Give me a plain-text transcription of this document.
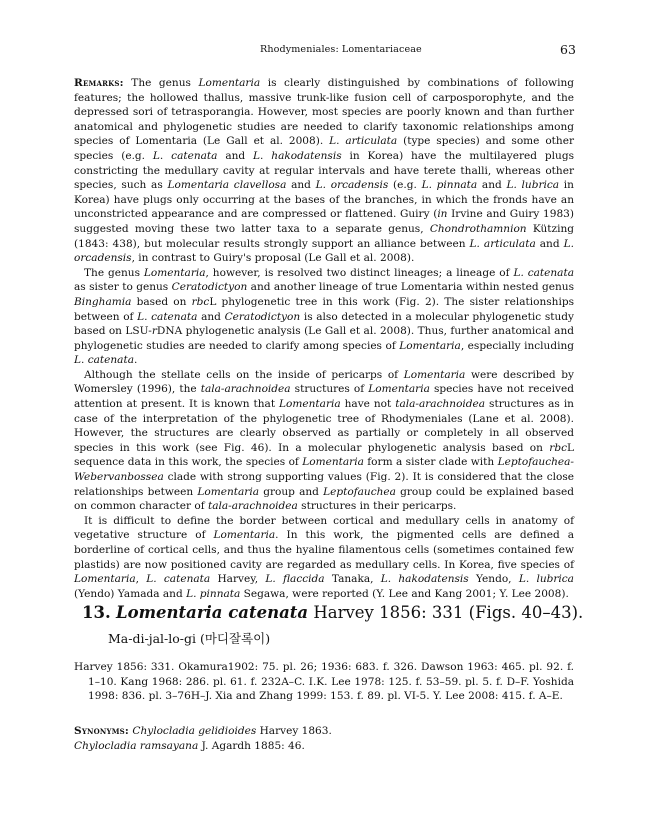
Rhodymeniales: Lomentariaceae	63

Remarks: The genus Lomentaria is clearly distinguished by combinations of following features; the hollowed thallus, massive trunk-like fusion cell of carposporophyte, and the depressed sori of tetrasporangia. However, most species are poorly known and than further anatomical and phylogenetic studies are needed to clarify taxonomic relationships among species of Lomentaria (Le Gall et al. 2008). L. articulata (type species) and some other species (e.g. L. catenata and L. hakodatensis in Korea) have the multilayered plugs constricting the medullary cavity at regular intervals and have terete thalli, whereas other species, such as Lomentaria clavellosa and L. orcadensis (e.g. L. pinnata and L. lubrica in Korea) have plugs only occurring at the bases of the branches, in which the fronds have an unconstricted appearance and are compressed or flattened. Guiry (in Irvine and Guiry 1983) suggested moving these two latter taxa to a separate genus, Chondrothamnion Kützing (1843: 438), but molecular results strongly support an alliance between L. articulata and L. orcadensis, in contrast to Guiry's proposal (Le Gall et al. 2008).

The genus Lomentaria, however, is resolved two distinct lineages; a lineage of L. catenata as sister to genus Ceratodictyon and another lineage of true Lomentaria within nested genus Binghamia based on rbcL phylogenetic tree in this work (Fig. 2). The sister relationships between of L. catenata and Ceratodictyon is also detected in a molecular phylogenetic study based on LSU-rDNA phylogenetic analysis (Le Gall et al. 2008). Thus, further anatomical and phylogenetic studies are needed to clarify among species of Lomentaria, especially including L. catenata.

Although the stellate cells on the inside of pericarps of Lomentaria were described by Womersley (1996), the tala-arachnoidea structures of Lomentaria species have not received attention at present. It is known that Lomentaria have not tala-arachnoidea structures as in case of the interpretation of the phylogenetic tree of Rhodymeniales (Lane et al. 2008). However, the structures are clearly observed as partially or completely in all observed species in this work (see Fig. 46). In a molecular phylogenetic analysis based on rbcL sequence data in this work, the species of Lomentaria form a sister clade with Leptofauchea-Webervanbossea clade with strong supporting values (Fig. 2). It is considered that the close relationships between Lomentaria group and Leptofauchea group could be explained based on common character of tala-arachnoidea structures in their pericarps.

It is difficult to define the border between cortical and medullary cells in anatomy of vegetative structure of Lomentaria. In this work, the pigmented cells are defined a borderline of cortical cells, and thus the hyaline filamentous cells (sometimes contained few plastids) are now positioned cavity are regarded as medullary cells. In Korea, five species of Lomentaria, L. catenata Harvey, L. flaccida Tanaka, L. hakodatensis Yendo, L. lubrica (Yendo) Yamada and L. pinnata Segawa, were reported (Y. Lee and Kang 2001; Y. Lee 2008).

13. Lomentaria catenata Harvey 1856: 331 (Figs. 40–43).
Ma-di-jal-lo-gi (마디잘록이)
Harvey 1856: 331. Okamura1902: 75. pl. 26; 1936: 683. f. 326. Dawson 1963: 465. pl. 92. f. 1–10. Kang 1968: 286. pl. 61. f. 232A–C. I.K. Lee 1978: 125. f. 53–59. pl. 5. f. D–F. Yoshida 1998: 836. pl. 3–76H–J. Xia and Zhang 1999: 153. f. 89. pl. VI-5. Y. Lee 2008: 415. f. A–E.
Synonyms: Chylocladia gelidioides Harvey 1863.
Chylocladia ramsayana J. Agardh 1885: 46.
